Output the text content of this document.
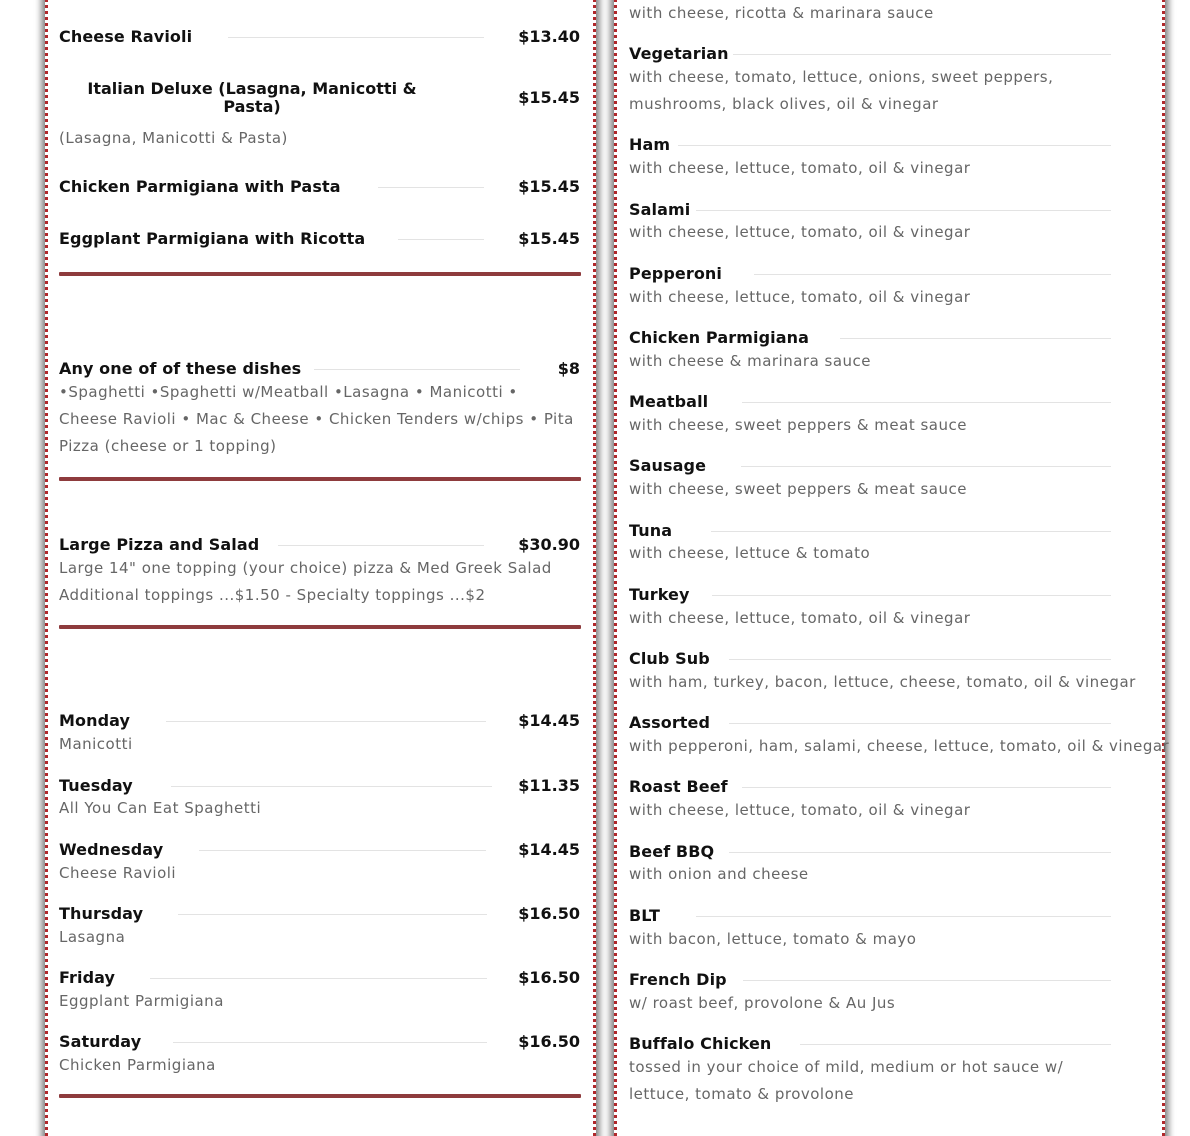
Cheese Ravioli	$13.40
Italian Deluxe (Lasagna, Manicotti & Pasta)	$15.45
(Lasagna, Manicotti & Pasta)
Chicken Parmigiana with Pasta	$15.45
Eggplant Parmigiana with Ricotta	$15.45
Any one of of these dishes	$8
•Spaghetti •Spaghetti w/Meatball •Lasagna • Manicotti • Cheese Ravioli • Mac & Cheese • Chicken Tenders w/chips • Pita Pizza (cheese or 1 topping)
Large Pizza and Salad	$30.90
Large 14" one topping (your choice) pizza & Med Greek Salad Additional toppings ...$1.50 - Specialty toppings ...$2
Monday	$14.45
Manicotti
Tuesday	$11.35
All You Can Eat Spaghetti
Wednesday	$14.45
Cheese Ravioli
Thursday	$16.50
Lasagna
Friday	$16.50
Eggplant Parmigiana
Saturday	$16.50
Chicken Parmigiana
with cheese, ricotta & marinara sauce
Vegetarian
with cheese, tomato, lettuce, onions, sweet peppers, mushrooms, black olives, oil & vinegar
Ham
with cheese, lettuce, tomato, oil & vinegar
Salami
with cheese, lettuce, tomato, oil & vinegar
Pepperoni
with cheese, lettuce, tomato, oil & vinegar
Chicken Parmigiana
with cheese & marinara sauce
Meatball
with cheese, sweet peppers & meat sauce
Sausage
with cheese, sweet peppers & meat sauce
Tuna
with cheese, lettuce & tomato
Turkey
with cheese, lettuce, tomato, oil & vinegar
Club Sub
with ham, turkey, bacon, lettuce, cheese, tomato, oil & vinegar
Assorted
with pepperoni, ham, salami, cheese, lettuce, tomato, oil & vinegar
Roast Beef
with cheese, lettuce, tomato, oil & vinegar
Beef BBQ
with onion and cheese
BLT
with bacon, lettuce, tomato & mayo
French Dip
w/ roast beef, provolone & Au Jus
Buffalo Chicken
tossed in your choice of mild, medium or hot sauce w/ lettuce, tomato & provolone
